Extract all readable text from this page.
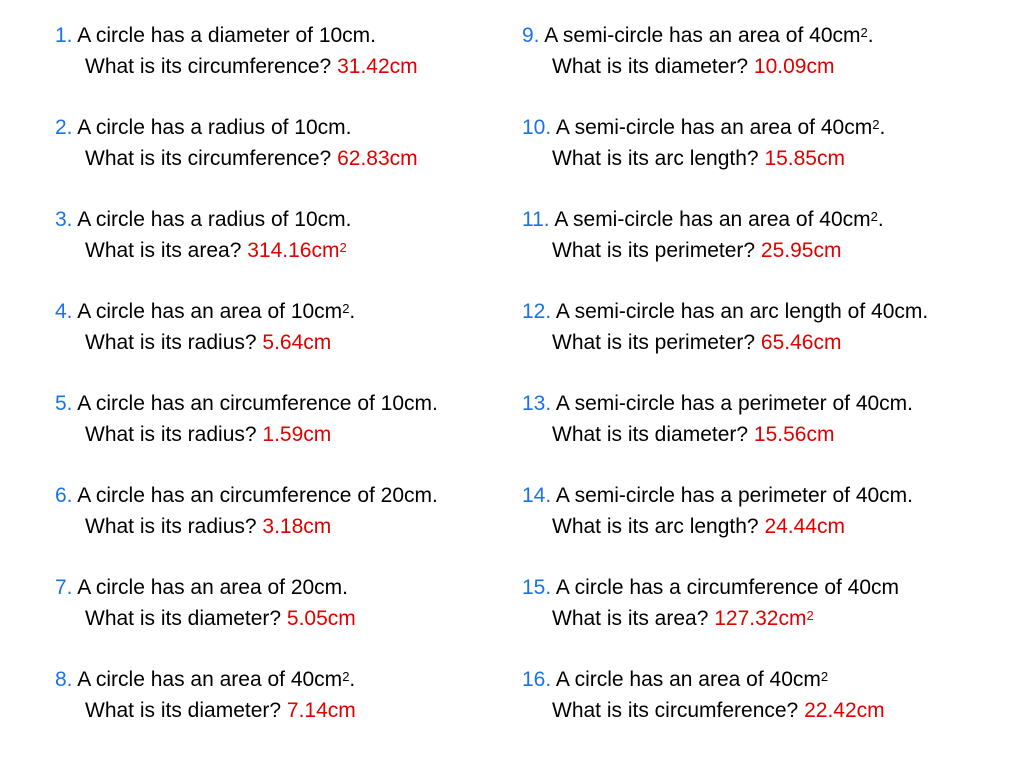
1. A circle has a diameter of 10cm.
What is its circumference? 31.42cm
2. A circle has a radius of 10cm.
What is its circumference? 62.83cm
3. A circle has a radius of 10cm.
What is its area? $314.16cm^2$
4. A circle has an area of $10cm^2$.
What is its radius? 5.64cm
5. A circle has an circumference of 10cm.
What is its radius? 1.59cm
6. A circle has an circumference of 20cm.
What is its radius? 3.18cm
7. A circle has an area of 20cm.
What is its diameter? 5.05cm
8. A circle has an area of $40cm^2$.
What is its diameter? 7.14cm
9. A semi-circle has an area of $40cm^2$.
What is its diameter? 10.09cm
10. A semi-circle has an area of $40cm^2$.
What is its arc length? 15.85cm
11. A semi-circle has an area of $40cm^2$.
What is its perimeter? 25.95cm
12. A semi-circle has an arc length of 40cm.
What is its perimeter? 65.46cm
13. A semi-circle has a perimeter of 40cm.
What is its diameter? 15.56cm
14. A semi-circle has a perimeter of 40cm.
What is its arc length? 24.44cm
15. A circle has a circumference of 40cm
What is its area? $127.32cm^2$
16. A circle has an area of $40cm^2$
What is its circumference? 22.42cm
